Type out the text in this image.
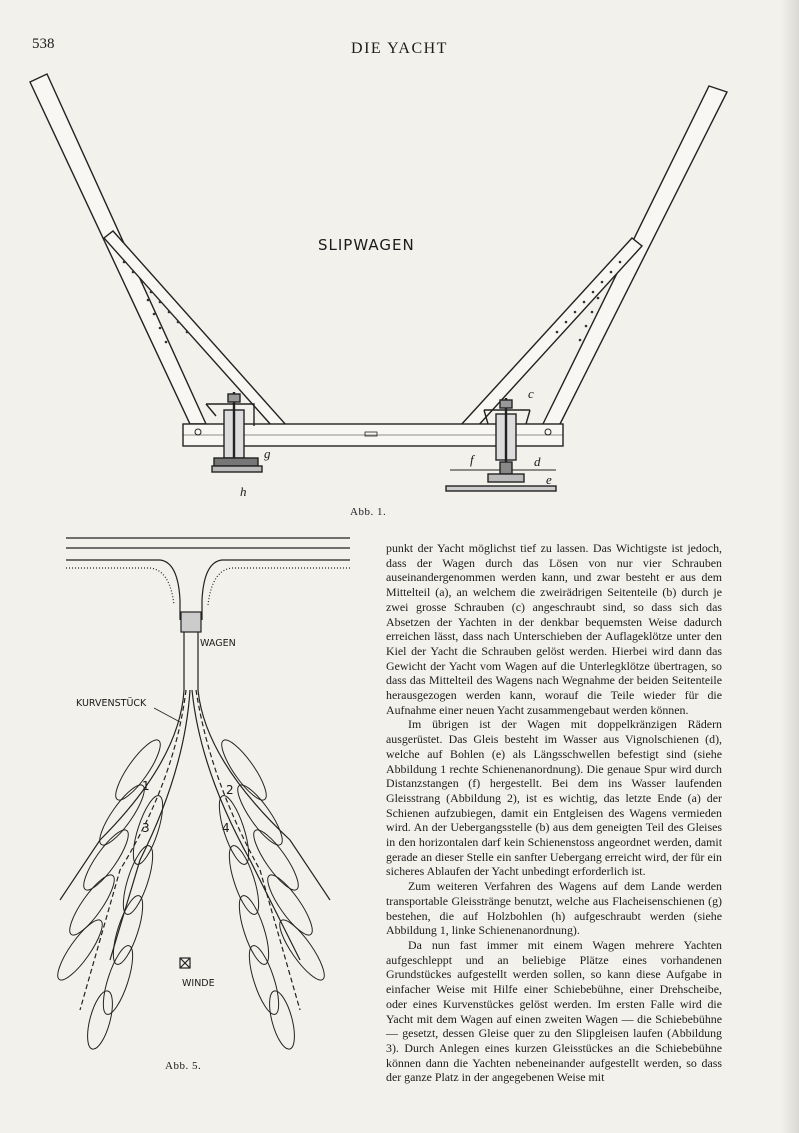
538	DIE YACHT
SLIPWAGEN
c
d
e
f
g
h
Abb. 1.
WAGEN
KURVENSTÜCK
WINDE
1	2
3	4
Abb. 5.

punkt der Yacht möglichst tief zu lassen. Das Wichtigste ist jedoch, dass der Wagen durch das Lösen von nur vier Schrauben auseinandergenommen werden kann, und zwar besteht er aus dem Mittelteil (a), an welchem die zweirädrigen Seitenteile (b) durch je zwei grosse Schrauben (c) angeschraubt sind, so dass sich das Absetzen der Yachten in der denkbar bequemsten Weise dadurch erreichen lässt, dass nach Unterschieben der Auflageklötze unter den Kiel der Yacht die Schrauben gelöst werden. Hierbei wird dann das Gewicht der Yacht vom Wagen auf die Unterlegklötze übertragen, so dass das Mittelteil des Wagens nach Wegnahme der beiden Seitenteile herausgezogen werden kann, worauf die Teile wieder für die Aufnahme einer neuen Yacht zusammengebaut werden können.

Im übrigen ist der Wagen mit doppelkränzigen Rädern ausgerüstet. Das Gleis besteht im Wasser aus Vignolschienen (d), welche auf Bohlen (e) als Längsschwellen befestigt sind (siehe Abbildung 1 rechte Schienenanordnung). Die genaue Spur wird durch Distanzstangen (f) hergestellt. Bei dem ins Wasser laufenden Gleisstrang (Abbildung 2), ist es wichtig, das letzte Ende (a) der Schienen aufzubiegen, damit ein Entgleisen des Wagens vermieden wird. An der Uebergangsstelle (b) aus dem geneigten Teil des Gleises in den horizontalen darf kein Schienenstoss angeordnet werden, damit gerade an dieser Stelle ein sanfter Uebergang erreicht wird, der für ein sicheres Ablaufen der Yacht unbedingt erforderlich ist.

Zum weiteren Verfahren des Wagens auf dem Lande werden transportable Gleisstränge benutzt, welche aus Flacheisenschienen (g) bestehen, die auf Holzbohlen (h) aufgeschraubt werden (siehe Abbildung 1, linke Schienenanordnung).

Da nun fast immer mit einem Wagen mehrere Yachten aufgeschleppt und an beliebige Plätze eines vorhandenen Grundstückes aufgestellt werden sollen, so kann diese Aufgabe in einfacher Weise mit Hilfe einer Schiebebühne, einer Drehscheibe, oder eines Kurvenstückes gelöst werden. Im ersten Falle wird die Yacht mit dem Wagen auf einen zweiten Wagen — die Schiebebühne — gesetzt, dessen Gleise quer zu den Slipgleisen laufen (Abbildung 3). Durch Anlegen eines kurzen Gleisstückes an die Schiebebühne können dann die Yachten nebeneinander aufgestellt werden, so dass der ganze Platz in der angegebenen Weise mit
